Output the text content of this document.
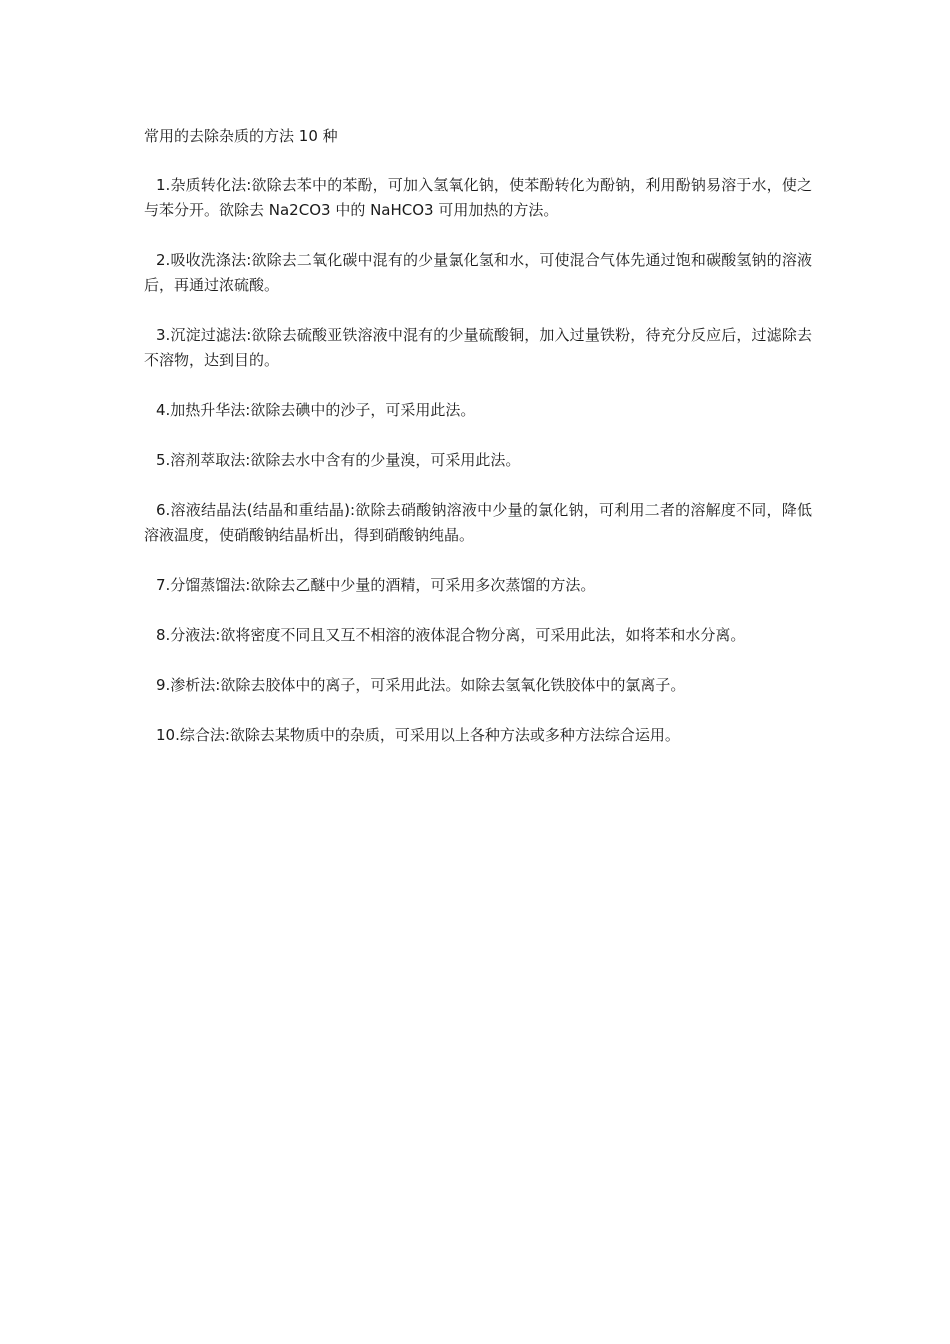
常用的去除杂质的方法 10 种

1.杂质转化法:欲除去苯中的苯酚，可加入氢氧化钠，使苯酚转化为酚钠，利用酚钠易溶于水，使之与苯分开。欲除去 Na2CO3 中的 NaHCO3 可用加热的方法。

2.吸收洗涤法:欲除去二氧化碳中混有的少量氯化氢和水，可使混合气体先通过饱和碳酸氢钠的溶液后，再通过浓硫酸。

3.沉淀过滤法:欲除去硫酸亚铁溶液中混有的少量硫酸铜，加入过量铁粉，待充分反应后，过滤除去不溶物，达到目的。

4.加热升华法:欲除去碘中的沙子，可采用此法。

5.溶剂萃取法:欲除去水中含有的少量溴，可采用此法。

6.溶液结晶法(结晶和重结晶):欲除去硝酸钠溶液中少量的氯化钠，可利用二者的溶解度不同，降低溶液温度，使硝酸钠结晶析出，得到硝酸钠纯晶。

7.分馏蒸馏法:欲除去乙醚中少量的酒精，可采用多次蒸馏的方法。

8.分液法:欲将密度不同且又互不相溶的液体混合物分离，可采用此法，如将苯和水分离。

9.渗析法:欲除去胶体中的离子，可采用此法。如除去氢氧化铁胶体中的氯离子。

10.综合法:欲除去某物质中的杂质，可采用以上各种方法或多种方法综合运用。
